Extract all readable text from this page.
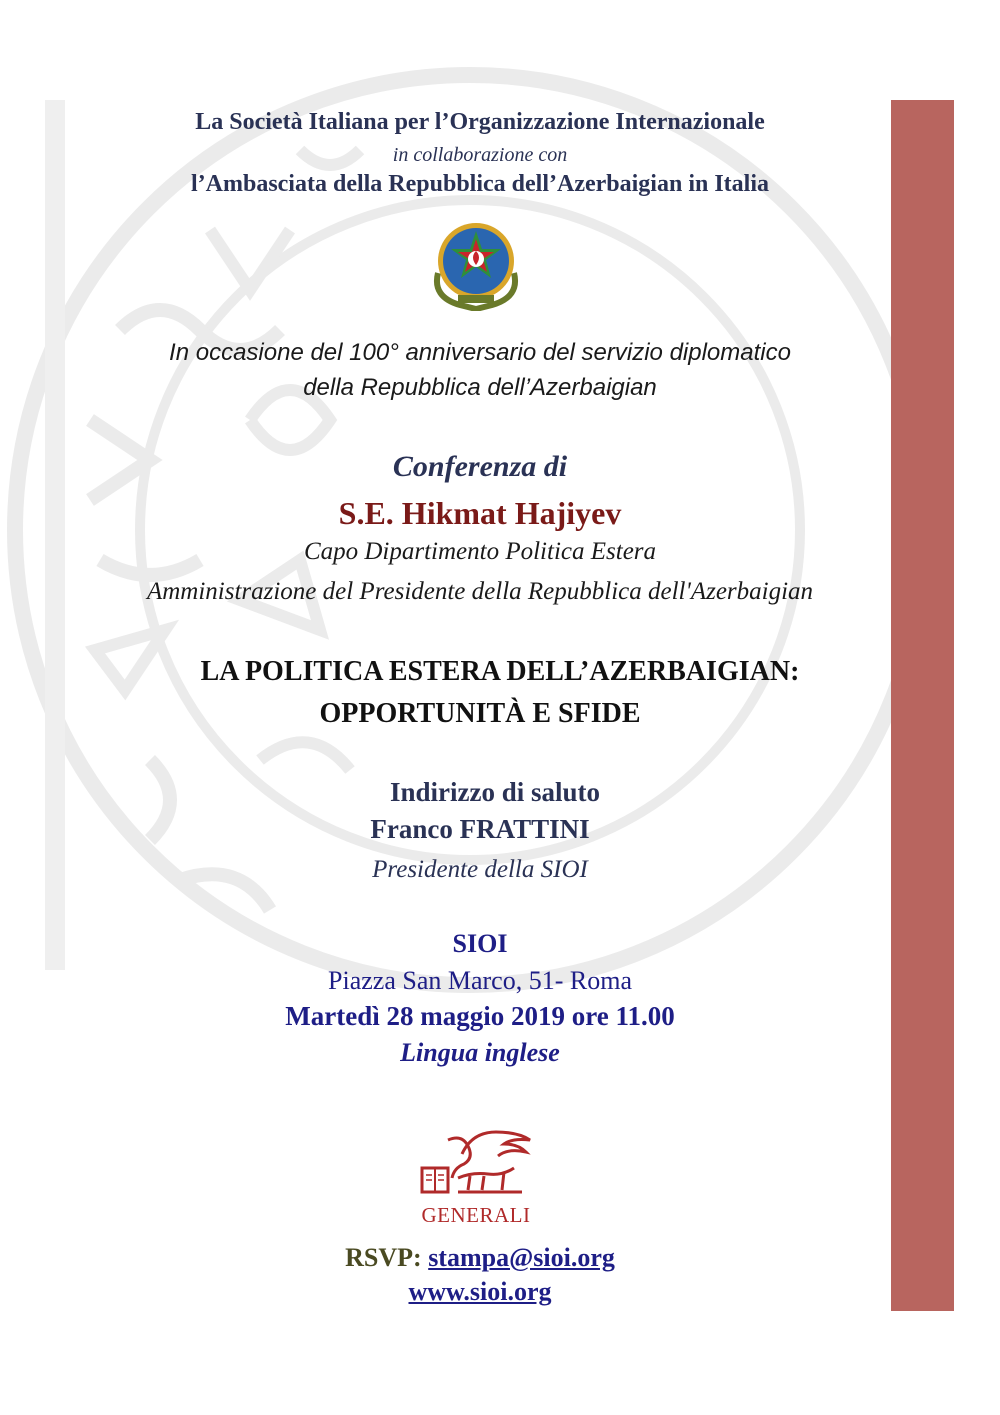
La Società Italiana per l’Organizzazione Internazionale
in collaborazione con
l’Ambasciata della Repubblica dell’Azerbaigian in Italia
In occasione del 100° anniversario del servizio diplomatico
della Repubblica dell’Azerbaigian
Conferenza di
S.E. Hikmat Hajiyev
Capo Dipartimento Politica Estera
Amministrazione del Presidente della Repubblica dell'Azerbaigian
LA POLITICA ESTERA DELL’AZERBAIGIAN:
OPPORTUNITÀ E SFIDE
Indirizzo di saluto
Franco FRATTINI
Presidente della SIOI
SIOI
Piazza San Marco, 51- Roma
Martedì 28 maggio 2019 ore 11.00
Lingua inglese
GENERALI
RSVP: stampa@sioi.org
www.sioi.org
